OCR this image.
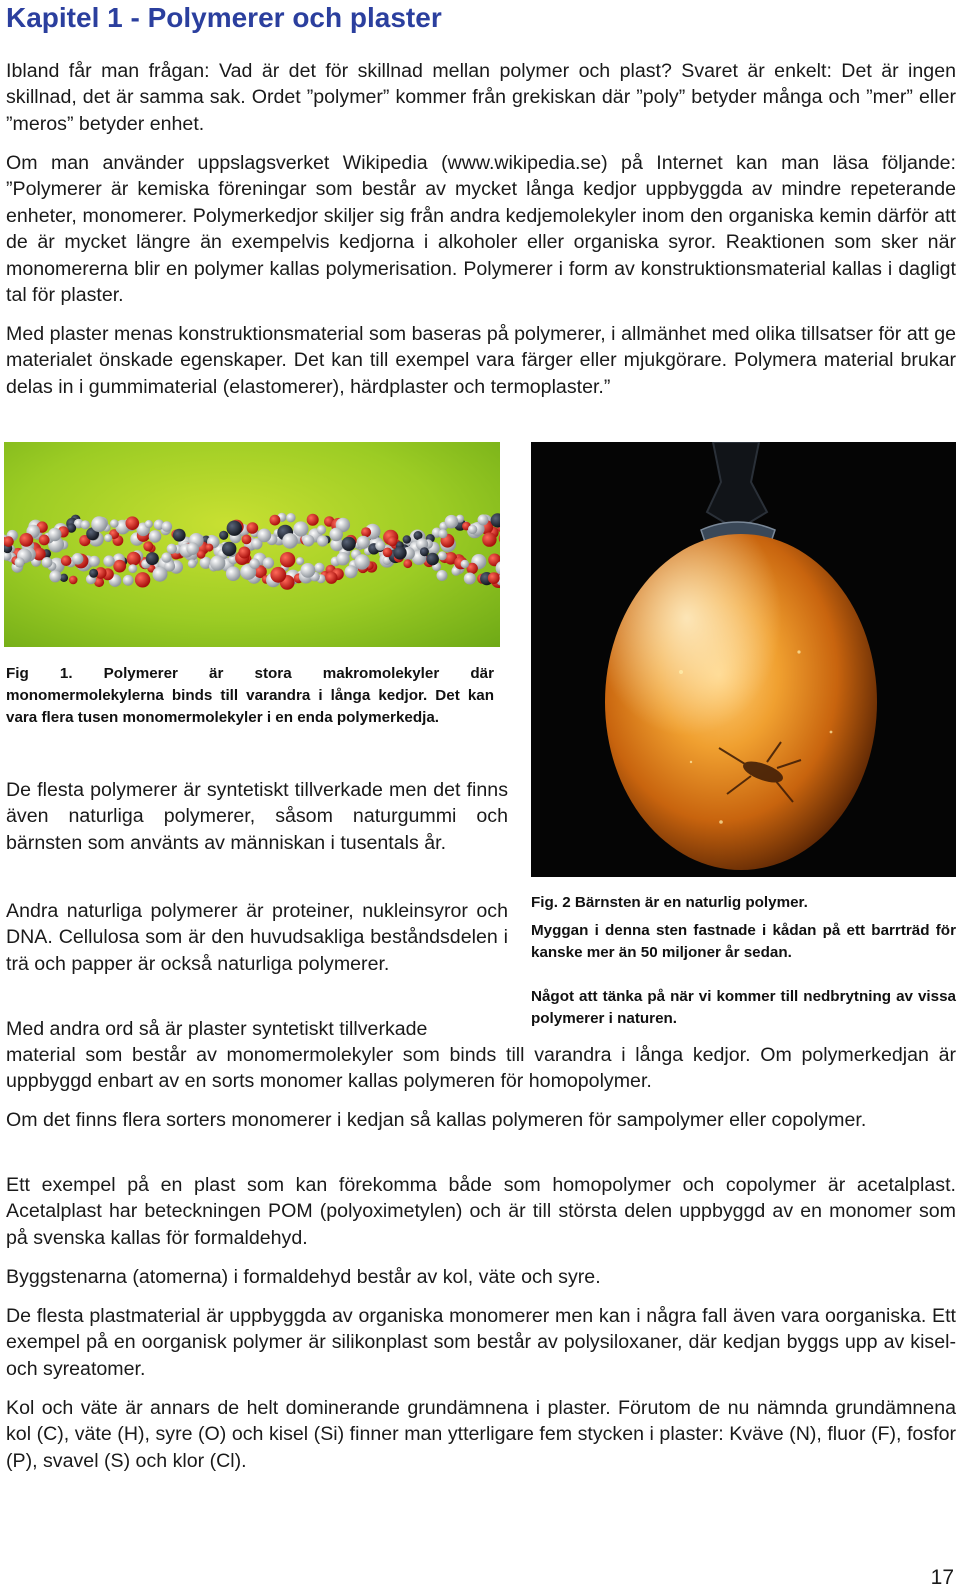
Kapitel 1 - Polymerer och plaster

Ibland får man frågan: Vad är det för skillnad mellan polymer och plast? Svaret är enkelt: Det är ingen skillnad, det är samma sak. Ordet ”polymer” kommer från grekiskan där ”poly” betyder många och ”mer” eller ”meros” betyder enhet.

Om man använder uppslagsverket Wikipedia (www.wikipedia.se) på Internet kan man läsa följande: ”Polymerer är kemiska föreningar som består av mycket långa kedjor uppbyggda av mindre repeterande enheter, monomerer. Polymerkedjor skiljer sig från andra kedjemolekyler inom den organiska kemin därför att de är mycket längre än exempelvis kedjorna i alkoholer eller organiska syror. Reaktionen som sker när monomererna blir en polymer kallas polymerisation. Polymerer i form av konstruktionsmaterial kallas i dagligt tal för plaster.

Med plaster menas konstruktionsmaterial som baseras på polymerer, i allmänhet med olika tillsatser för att ge materialet önskade egenskaper. Det kan till exempel vara färger eller mjukgörare. Polymera material brukar delas in i gummimaterial (elastomerer), härdplaster och termoplaster.”

Fig 1. Polymerer är stora makromolekyler där monomermolekylerna binds till varandra i långa kedjor. Det kan vara flera tusen monomermolekyler i en enda polymerkedja.

De flesta polymerer är syntetiskt tillverkade men det finns även naturliga polymerer, såsom naturgummi och bärnsten som använts av människan i tusentals år.

Andra naturliga polymerer är proteiner, nukleinsyror och DNA. Cellulosa som är den huvudsakliga beståndsdelen i trä och papper är också naturliga polymerer.

Med andra ord så är plaster syntetiskt tillverkade

material som består av monomermolekyler som binds till varandra i långa kedjor. Om polymerkedjan är uppbyggd enbart av en sorts monomer kallas polymeren för homopolymer.

Fig. 2 Bärnsten är en naturlig polymer.

Myggan i denna sten fastnade i kådan på ett barrträd för kanske mer än 50 miljoner år sedan.

Något att tänka på när vi kommer till nedbrytning av vissa polymerer i naturen.

Om det finns flera sorters monomerer i kedjan så kallas polymeren för sampolymer eller copolymer.

Ett exempel på en plast som kan förekomma både som homopolymer och copolymer är acetalplast. Acetalplast har beteckningen POM (polyoximetylen) och är till största delen uppbyggd av en monomer som på svenska kallas för formaldehyd.

Byggstenarna (atomerna) i formaldehyd består av kol, väte och syre.

De flesta plastmaterial är uppbyggda av organiska monomerer men kan i några fall även vara oorganiska. Ett exempel på en oorganisk polymer är silikonplast som består av polysiloxaner, där kedjan byggs upp av kisel- och syreatomer.

Kol och väte är annars de helt dominerande grundämnena i plaster. Förutom de nu nämnda grundämnena kol (C), väte (H), syre (O) och kisel (Si) finner man ytterligare fem stycken i plaster: Kväve (N), fluor (F), fosfor (P), svavel (S) och klor (Cl).

17
